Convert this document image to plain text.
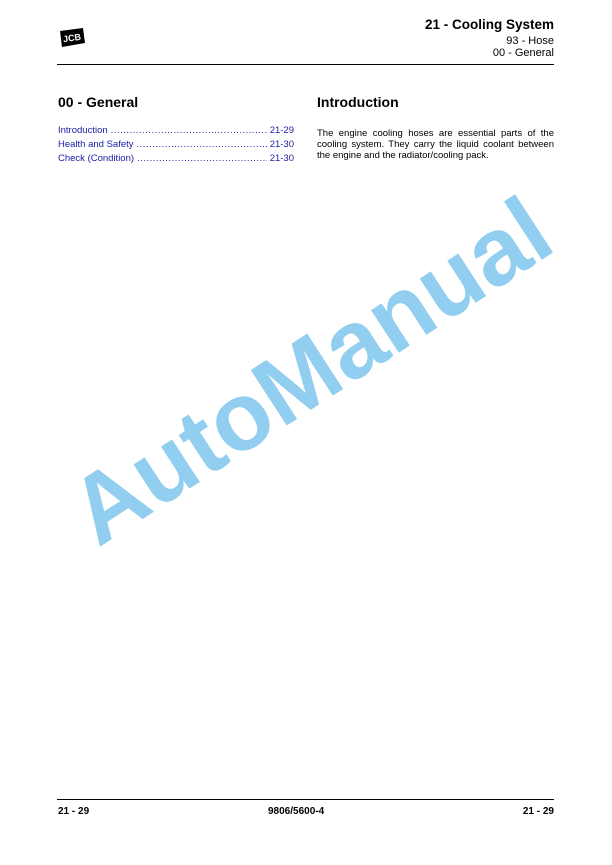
JCB
21 - Cooling System
93 - Hose
00 - General
00 - General
Introduction .....	21-29
Health and Safety .....	21-30
Check (Condition) .....	21-30
Introduction
The engine cooling hoses are essential parts of the cooling system. They carry the liquid coolant between the engine and the radiator/cooling pack.
AutoManual
21 - 29	9806/5600-4	21 - 29
